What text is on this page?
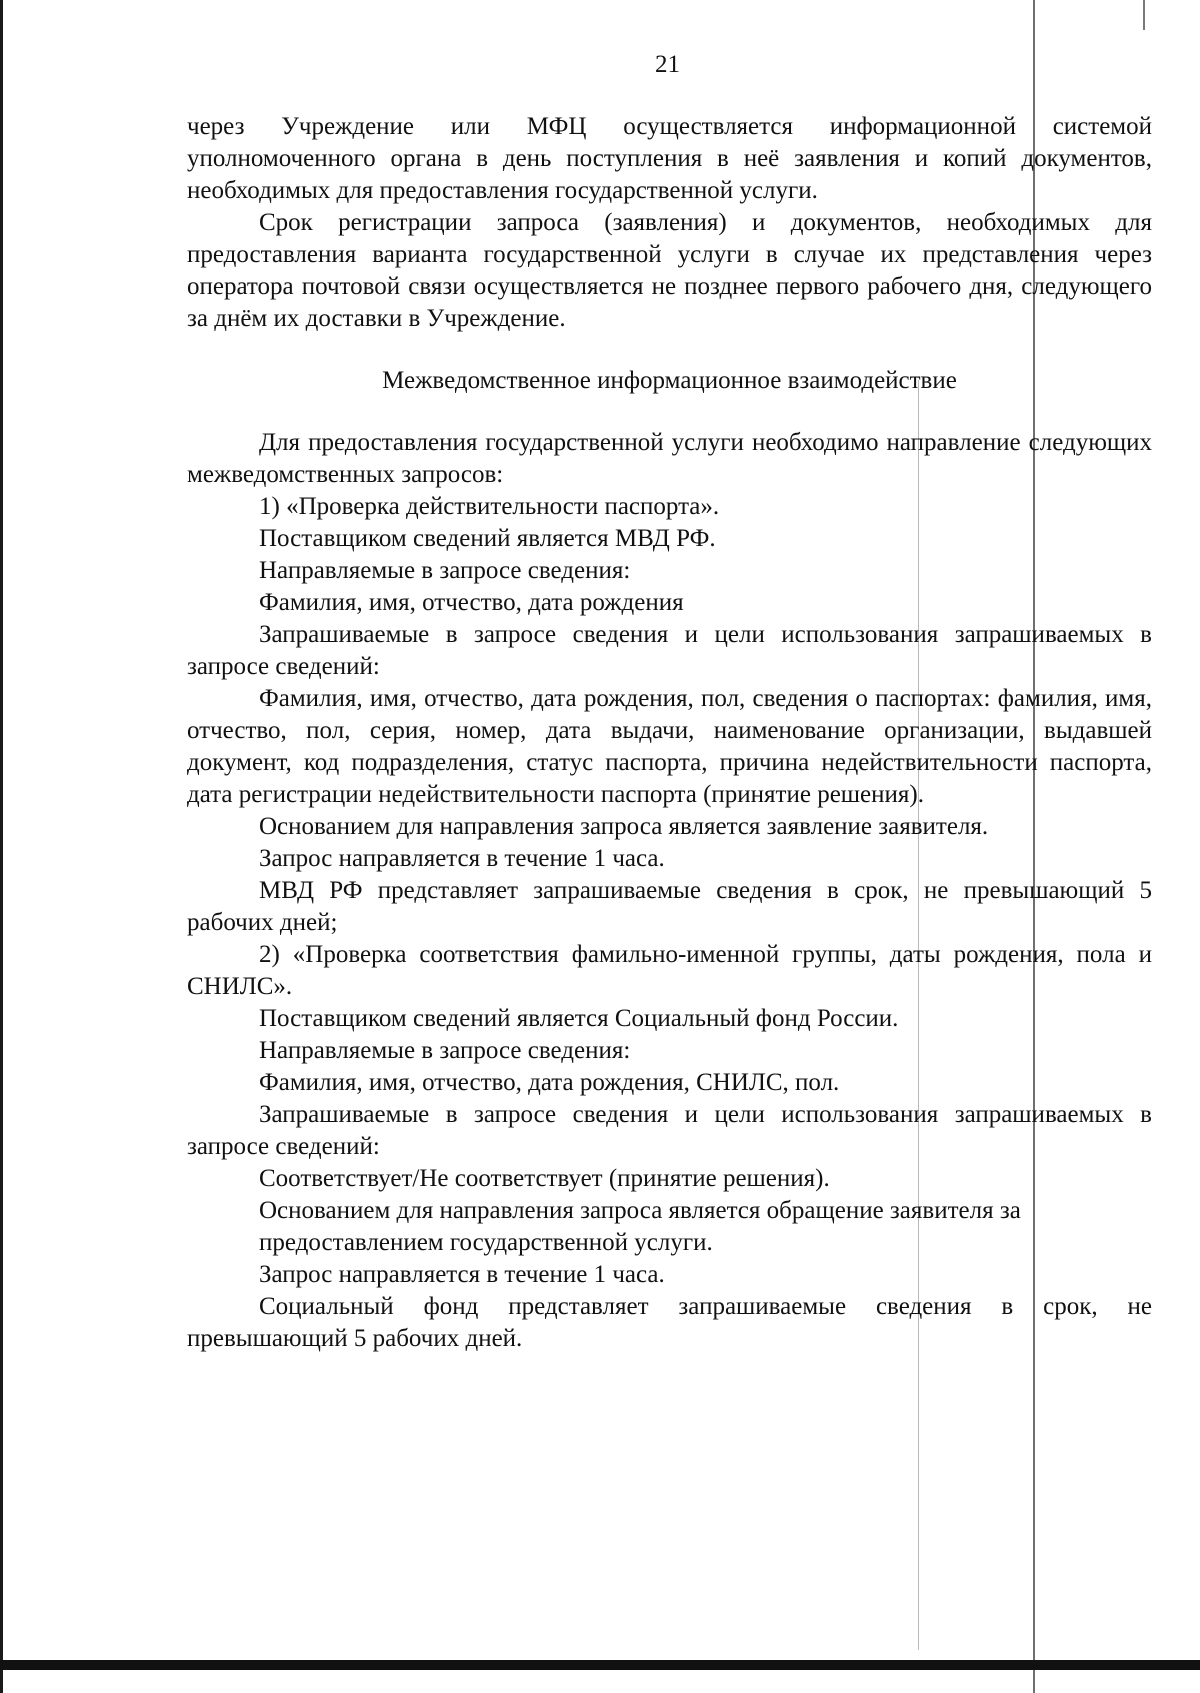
21

через Учреждение или МФЦ осуществляется информационной системой уполномоченного органа в день поступления в неё заявления и копий документов, необходимых для предоставления государственной услуги.

Срок регистрации запроса (заявления) и документов, необходимых для предоставления варианта государственной услуги в случае их представления через оператора почтовой связи осуществляется не позднее первого рабочего дня, следующего за днём их доставки в Учреждение.

Межведомственное информационное взаимодействие

Для предоставления государственной услуги необходимо направление следующих межведомственных запросов:

1) «Проверка действительности паспорта».

Поставщиком сведений является МВД РФ.

Направляемые в запросе сведения:

Фамилия, имя, отчество, дата рождения

Запрашиваемые в запросе сведения и цели использования запрашиваемых в запросе сведений:

Фамилия, имя, отчество, дата рождения, пол, сведения о паспортах: фамилия, имя, отчество, пол, серия, номер, дата выдачи, наименование организации, выдавшей документ, код подразделения, статус паспорта, причина недействительности паспорта, дата регистрации недействительности паспорта (принятие решения).

Основанием для направления запроса является заявление заявителя.

Запрос направляется в течение 1 часа.

МВД РФ представляет запрашиваемые сведения в срок, не превышающий 5 рабочих дней;

2) «Проверка соответствия фамильно-именной группы, даты рождения, пола и СНИЛС».

Поставщиком сведений является Социальный фонд России.

Направляемые в запросе сведения:

Фамилия, имя, отчество, дата рождения, СНИЛС, пол.

Запрашиваемые в запросе сведения и цели использования запрашиваемых в запросе сведений:

Соответствует/Не соответствует (принятие решения).

Основанием для направления запроса является обращение заявителя за предоставлением государственной услуги.

Запрос направляется в течение 1 часа.

Социальный фонд представляет запрашиваемые сведения в срок, не превышающий 5 рабочих дней.
